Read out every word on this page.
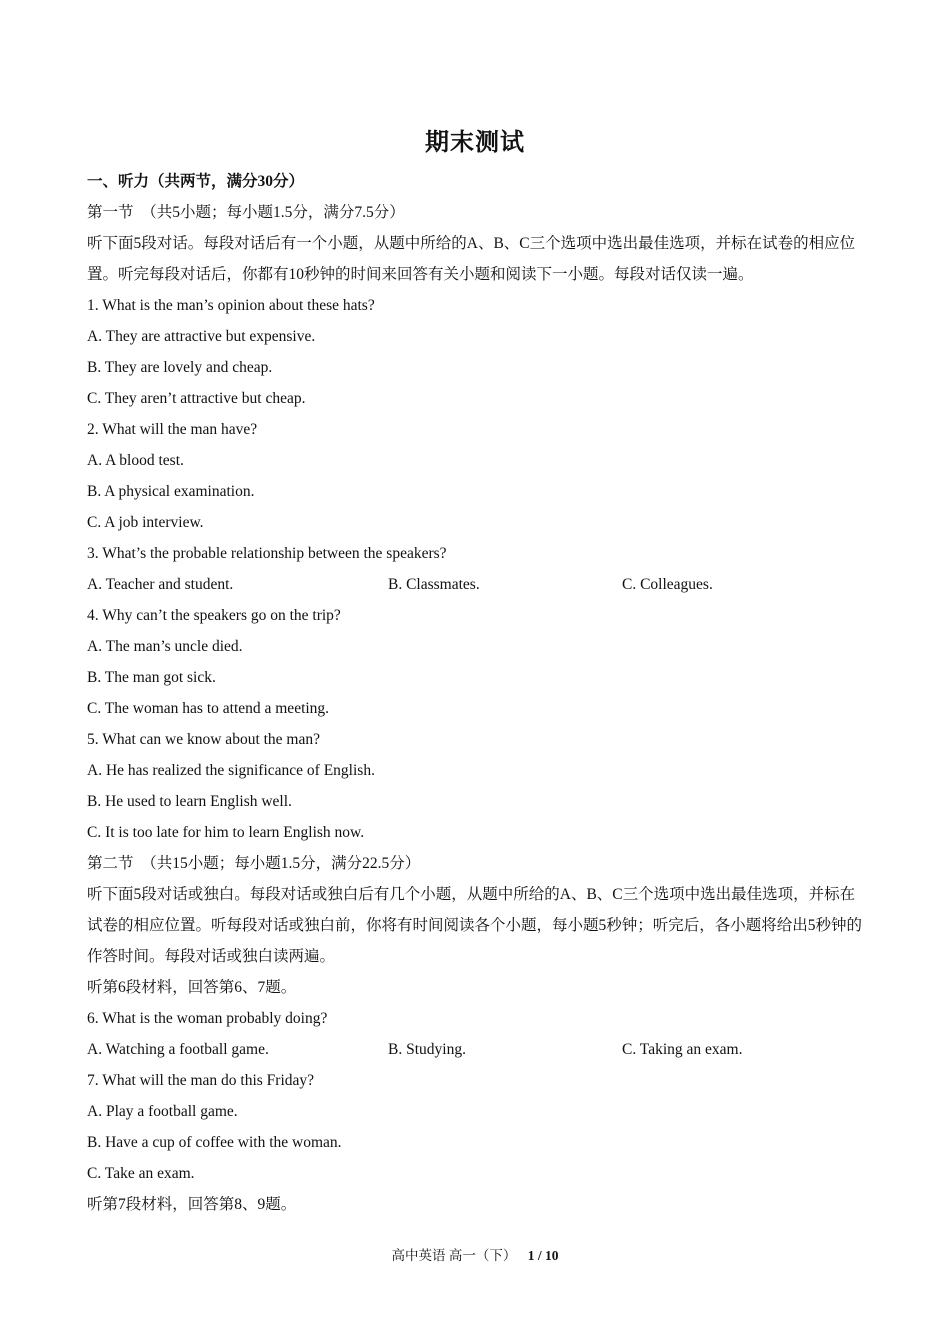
期末测试
一、听力（共两节，满分30分）
第一节　（共5小题；每小题1.5分，满分7.5分）
听下面5段对话。每段对话后有一个小题，从题中所给的A、B、C三个选项中选出最佳选项，并标在试卷的相应位置。听完每段对话后，你都有10秒钟的时间来回答有关小题和阅读下一小题。每段对话仅读一遍。
1. What is the man’s opinion about these hats?
A. They are attractive but expensive.
B. They are lovely and cheap.
C. They aren’t attractive but cheap.
2. What will the man have?
A. A blood test.
B. A physical examination.
C. A job interview.
3. What’s the probable relationship between the speakers?
A. Teacher and student.	B. Classmates.	C. Colleagues.
4. Why can’t the speakers go on the trip?
A. The man’s uncle died.
B. The man got sick.
C. The woman has to attend a meeting.
5. What can we know about the man?
A. He has realized the significance of English.
B. He used to learn English well.
C. It is too late for him to learn English now.
第二节　（共15小题；每小题1.5分，满分22.5分）
听下面5段对话或独白。每段对话或独白后有几个小题，从题中所给的A、B、C三个选项中选出最佳选项，并标在试卷的相应位置。听每段对话或独白前，你将有时间阅读各个小题，每小题5秒钟；听完后，各小题将给出5秒钟的作答时间。每段对话或独白读两遍。
听第6段材料，回答第6、7题。
6. What is the woman probably doing?
A. Watching a football game.	B. Studying.	C. Taking an exam.
7. What will the man do this Friday?
A. Play a football game.
B. Have a cup of coffee with the woman.
C. Take an exam.
听第7段材料，回答第8、9题。
高中英语 高一（下） 1 / 10
